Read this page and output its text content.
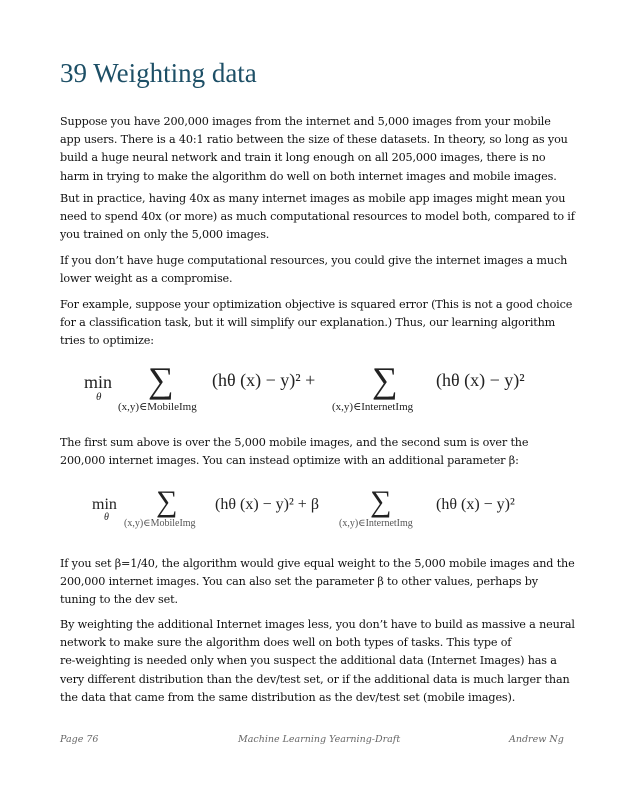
39 Weighting data

Suppose you have 200,000 images from the internet and 5,000 images from your mobile
app users. There is a 40:1 ratio between the size of these datasets. In theory, so long as you
build a huge neural network and train it long enough on all 205,000 images, there is no
harm in trying to make the algorithm do well on both internet images and mobile images.

But in practice, having 40x as many internet images as mobile app images might mean you
need to spend 40x (or more) as much computational resources to model both, compared to if
you trained on only the 5,000 images.

If you don’t have huge computational resources, you could give the internet images a much
lower weight as a compromise.

For example, suppose your optimization objective is squared error (This is not a good choice
for a classification task, but it will simplify our explanation.) Thus, our learning algorithm
tries to optimize:

min
θ ∑
(x,y)∈MobileImg
(hθ (x) − y)² + ∑
(x,y)∈InternetImg
(hθ (x) − y)²

The first sum above is over the 5,000 mobile images, and the second sum is over the
200,000 internet images. You can instead optimize with an additional parameter β:

min
θ ∑
(x,y)∈MobileImg
(hθ (x) − y)² + β ∑
(x,y)∈InternetImg
(hθ (x) − y)²

If you set β=1/40, the algorithm would give equal weight to the 5,000 mobile images and the
200,000 internet images. You can also set the parameter β to other values, perhaps by
tuning to the dev set.

By weighting the additional Internet images less, you don’t have to build as massive a neural
network to make sure the algorithm does well on both types of tasks. This type of
re-weighting is needed only when you suspect the additional data (Internet Images) has a
very different distribution than the dev/test set, or if the additional data is much larger than
the data that came from the same distribution as the dev/test set (mobile images).

Page 76	Machine Learning Yearning-Draft	Andrew Ng
